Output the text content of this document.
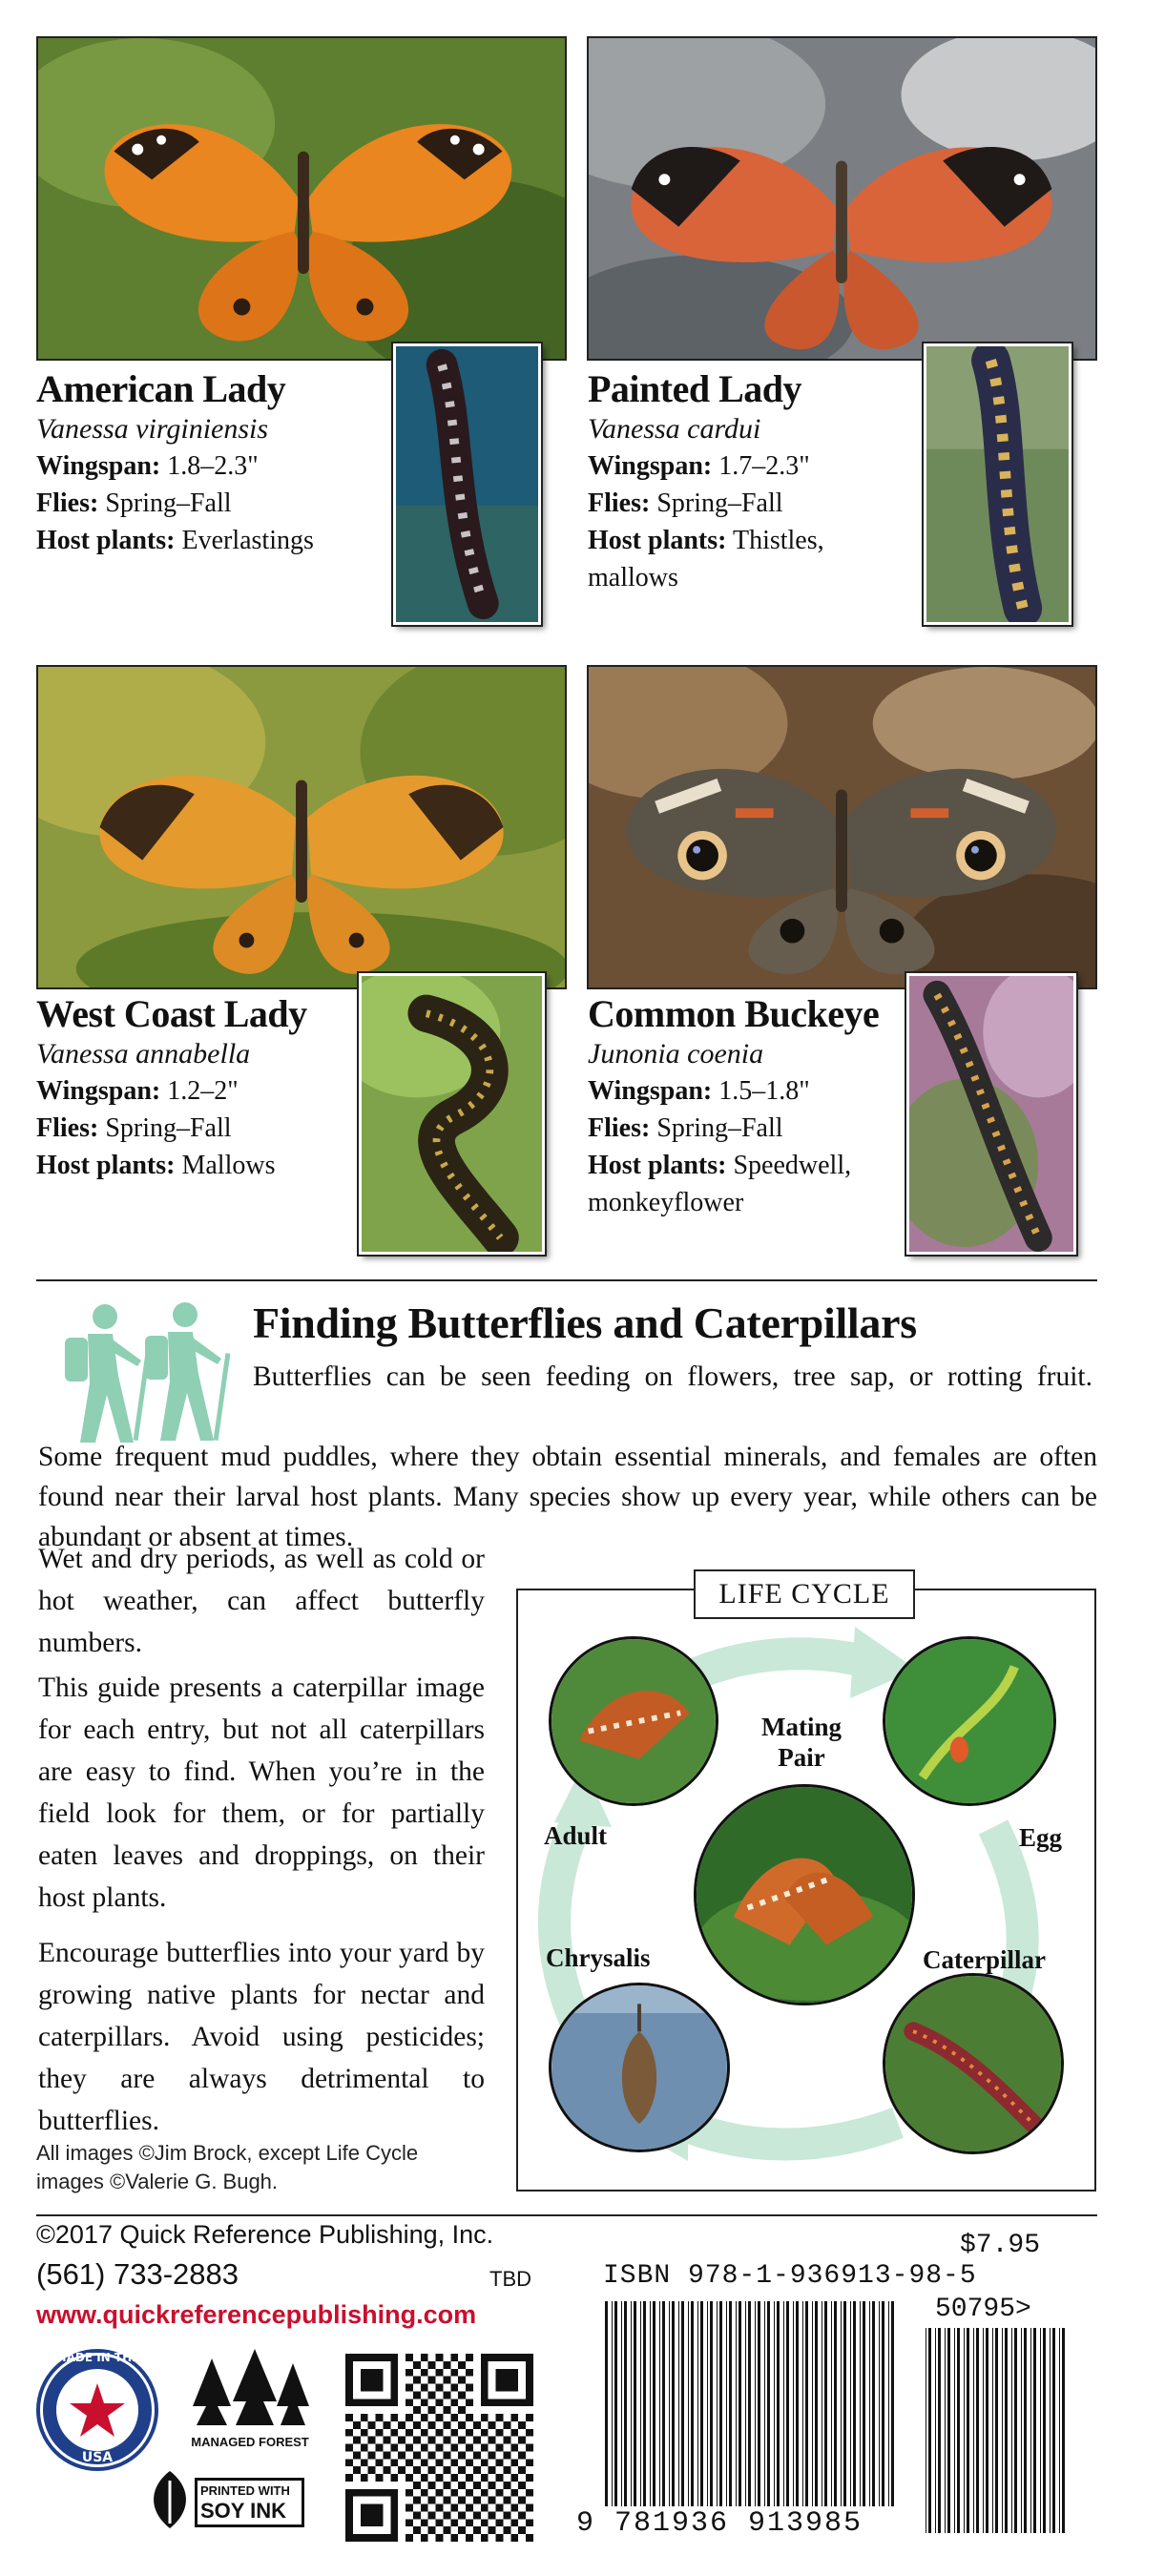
American Lady
Vanessa virginiensis
Wingspan: 1.8–2.3"
Flies: Spring–Fall
Host plants: Everlastings
Painted Lady
Vanessa cardui
Wingspan: 1.7–2.3"
Flies: Spring–Fall
Host plants: Thistles,
mallows
West Coast Lady
Vanessa annabella
Wingspan: 1.2–2"
Flies: Spring–Fall
Host plants: Mallows
Common Buckeye
Junonia coenia
Wingspan: 1.5–1.8"
Flies: Spring–Fall
Host plants: Speedwell,
monkeyflower
Finding Butterflies and Caterpillars
Butterflies can be seen feeding on flowers, tree sap, or rotting fruit.
Some frequent mud puddles, where they obtain essential minerals, and females are often found near their larval host plants. Many species show up every year, while others can be abundant or absent at times.
Wet and dry periods, as well as cold or hot weather, can affect butterfly numbers.
This guide presents a caterpillar image for each entry, but not all caterpillars are easy to find. When you’re in the field look for them, or for partially eaten leaves and droppings, on their host plants.
Encourage butterflies into your yard by growing native plants for nectar and caterpillars. Avoid using pesticides; they are always detrimental to butterflies.
All images ©Jim Brock, except Life Cycle images ©Valerie G. Bugh.
LIFE CYCLE
Mating Pair
Adult	Egg
Chrysalis	Caterpillar
©2017 Quick Reference Publishing, Inc.
(561) 733-2883	TBD
www.quickreferencepublishing.com
$7.95
ISBN 978-1-936913-98-5
50795>
MADE IN THE
USA
MANAGED FOREST
PRINTED WITH
SOY INK	9 781936 913985
